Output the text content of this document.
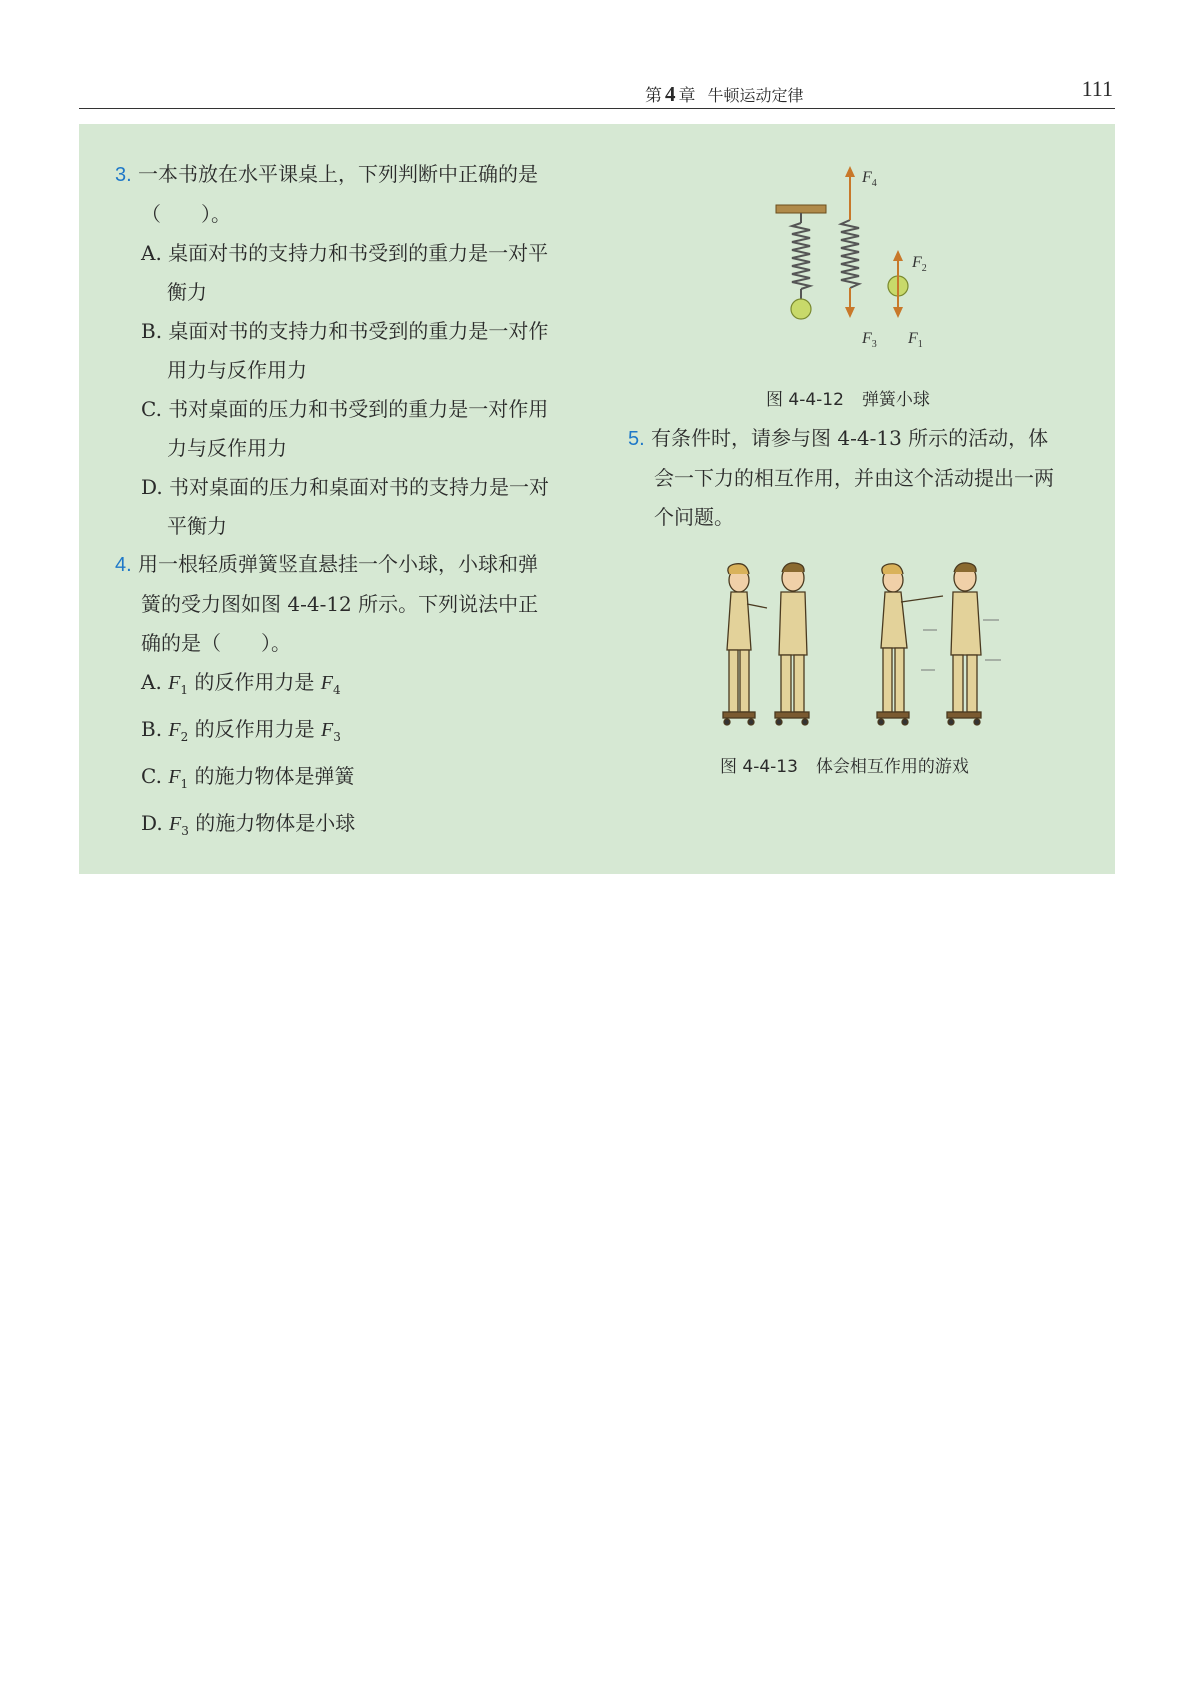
第 4 章 牛顿运动定律	111
3. 一本书放在水平课桌上，下列判断中正确的是
（　　）。
A. 桌面对书的支持力和书受到的重力是一对平
衡力
B. 桌面对书的支持力和书受到的重力是一对作
用力与反作用力
C. 书对桌面的压力和书受到的重力是一对作用
力与反作用力
D. 书对桌面的压力和桌面对书的支持力是一对
平衡力
4. 用一根轻质弹簧竖直悬挂一个小球，小球和弹
簧的受力图如图 4-4-12 所示。下列说法中正
确的是（　　）。
A. $F_1$ 的反作用力是 $F_4$
B. $F_2$ 的反作用力是 $F_3$
C. $F_1$ 的施力物体是弹簧
D. $F_3$ 的施力物体是小球
$F_4$
$F_2$
$F_3$ $F_1$
图 4-4-12 弹簧小球
5. 有条件时，请参与图 4-4-13 所示的活动，体
会一下力的相互作用，并由这个活动提出一两
个问题。
图 4-4-13 体会相互作用的游戏
